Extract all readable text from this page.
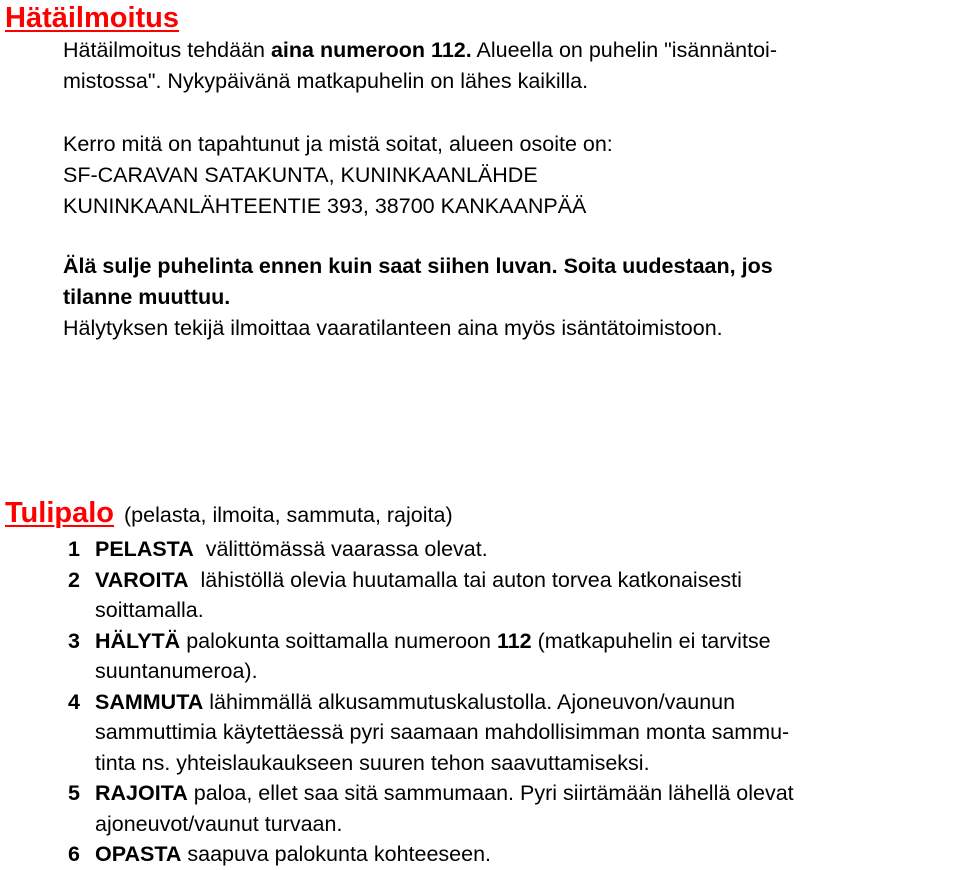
Hätäilmoitus

Hätäilmoitus tehdään aina numeroon 112. Alueella on puhelin "isännäntoi-

mistossa". Nykypäivänä matkapuhelin on lähes kaikilla.

Kerro mitä on tapahtunut ja mistä soitat, alueen osoite on:

SF-CARAVAN SATAKUNTA, KUNINKAANLÄHDE

KUNINKAANLÄHTEENTIE 393, 38700 KANKAANPÄÄ

Älä sulje puhelinta ennen kuin saat siihen luvan. Soita uudestaan, jos

tilanne muuttuu.

Hälytyksen tekijä ilmoittaa vaaratilanteen aina myös isäntätoimistoon.

Tulipalo (pelasta, ilmoita, sammuta, rajoita)
1 PELASTA  välittömässä vaarassa olevat.
2 VAROITA  lähistöllä olevia huutamalla tai auton torvea katkonaisesti
soittamalla.
3 HÄLYTÄ palokunta soittamalla numeroon 112 (matkapuhelin ei tarvitse
suuntanumeroa).
4 SAMMUTA lähimmällä alkusammutuskalustolla. Ajoneuvon/vaunun
sammuttimia käytettäessä pyri saamaan mahdollisimman monta sammu-
tinta ns. yhteislaukaukseen suuren tehon saavuttamiseksi.
5 RAJOITA paloa, ellet saa sitä sammumaan. Pyri siirtämään lähellä olevat
ajoneuvot/vaunut turvaan.
6 OPASTA saapuva palokunta kohteeseen.
